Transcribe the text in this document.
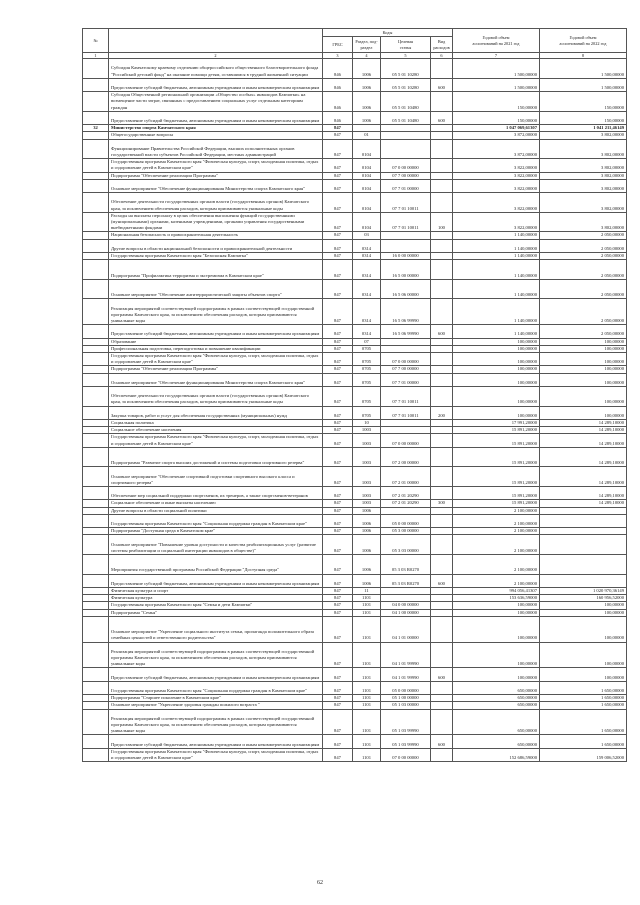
№		Коды				Годовой объем
ассигнований на 2021 год	Годовой объем
ассигнований на 2022 год
		ГРБС	Раздел, под-
раздел	Целевая
статья	Вид
расходов		
1	2	3	4	5	6	7	8
	Субсидия Камчатскому краевому отделению общероссийского общественного благотворительного фонда "Российский детский фонд" на оказание помощи детям, оставшимся в трудной жизненной ситуации	846	1006	05 5 01 10280		1 500,00000	1 500,00000
	Предоставление субсидий бюджетным, автономным учреждениям и иным некоммерческим организациям	846	1006	05 5 01 10280	600	1 500,00000	1 500,00000
	Субсидия Общественной региональной организации «Общество особых» инвалидов Камчатки» на возмещение части затрат, связанных с предоставлением социальных услуг отдельным категориям граждан	846	1006	05 5 01 10480		150,00000	150,00000
	Предоставление субсидий бюджетным, автономным учреждениям и иным некоммерческим организациям	846	1006	05 5 01 10480	600	150,00000	150,00000
32	Министерство спорта Камчатского края	847				1 047 069,61307	1 041 211,46149
	Общегосударственные вопросы	847	01			3 872,00000	3 802,00000
	Функционирование Правительства Российской Федерации, высших исполнительных органов государственной власти субъектов Российской Федерации, местных администраций	847	0104			3 872,00000	3 802,00000
	Государственная программа Камчатского края "Физическая культура, спорт, молодежная политика, отдых и оздоровление детей в Камчатском крае"	847	0104	07 0 00 00000		3 822,00000	3 802,00000
	Подпрограмма "Обеспечение реализации Программы"	847	0104	07 7 00 00000		3 822,00000	3 802,00000
	Основное мероприятие "Обеспечение функционирования Министерства спорта Камчатского края"	847	0104	07 7 01 00000		3 822,00000	3 802,00000
	Обеспечение деятельности государственных органов власти (государственных органов) Камчатского края, за исключением обеспечения расходов, которым присваиваются уникальные коды	847	0104	07 7 01 10011		3 822,00000	3 802,00000
	Расходы на выплаты персоналу в целях обеспечения выполнения функций государственными (муниципальными) органами, казенными учреждениями, органами управления государственными внебюджетными фондами	847	0104	07 7 01 10011	100	3 822,00000	3 802,00000
	Национальная безопасность и правоохранительная деятельность	847	03			1 140,00000	2 050,00000
	Другие вопросы в области национальной безопасности и правоохранительной деятельности	847	0314			1 140,00000	2 050,00000
	Государственная программа Камчатского края "Безопасная Камчатка"	847	0314	16 0 00 00000		1 140,00000	2 050,00000
	Подпрограмма "Профилактика терроризма и экстремизма в Камчатском крае"	847	0314	16 5 00 00000		1 140,00000	2 050,00000
	Основное мероприятие "Обеспечение антитеррористической защиты объектов спорта"	847	0314	16 5 06 00000		1 140,00000	2 050,00000
	Реализация мероприятий соответствующей подпрограммы в рамках соответствующей государственной программы Камчатского края, за исключением обеспечения расходов, которым присваиваются уникальные коды	847	0314	16 5 06 99990		1 140,00000	2 050,00000
	Предоставление субсидий бюджетным, автономным учреждениям и иным некоммерческим организациям	847	0314	16 5 06 99990	600	1 140,00000	2 050,00000
	Образование	847	07			100,00000	100,00000
	Профессиональная подготовка, переподготовка и повышение квалификации	847	0705			100,00000	100,00000
	Государственная программа Камчатского края "Физическая культура, спорт, молодежная политика, отдых и оздоровление детей в Камчатском крае"	847	0705	07 0 00 00000		100,00000	100,00000
	Подпрограмма "Обеспечение реализации Программы"	847	0705	07 7 00 00000		100,00000	100,00000
	Основное мероприятие "Обеспечение функционирования Министерства спорта Камчатского края"	847	0705	07 7 01 00000		100,00000	100,00000
	Обеспечение деятельности государственных органов власти (государственных органов) Камчатского края, за исключением обеспечения расходов, которым присваиваются уникальные коды	847	0705	07 7 01 10011		100,00000	100,00000
	Закупка товаров, работ и услуг для обеспечения государственных (муниципальных) нужд	847	0705	07 7 01 10011	200	100,00000	100,00000
	Социальная политика	847	10			17 991,20000	14 289,10000
	Социальное обеспечение населения	847	1003			15 891,20000	14 289,10000
	Государственная программа Камчатского края "Физическая культура, спорт, молодежная политика, отдых и оздоровление детей в Камчатском крае"	847	1003	07 0 00 00000		15 891,20000	14 289,10000
	Подпрограмма "Развитие спорта высших достижений и системы подготовки спортивного резерва"	847	1003	07 2 00 00000		15 891,20000	14 289,10000
	Основное мероприятие "Обеспечение спортивной подготовки спортивного высокого класса и спортивного резерва"	847	1003	07 2 01 00000		15 891,20000	14 289,10000
	Обеспечение мер социальной поддержки спортсменов, их тренеров, а также спортсменов-ветеранов	847	1003	07 2 01 20290		15 891,20000	14 289,10000
	Социальное обеспечение и иные выплаты населению	847	1003	07 2 01 20290	300	15 891,20000	14 289,10000
	Другие вопросы в области социальной политики	847	1006			2 100,00000	
	Государственная программа Камчатского края "Социальная поддержка граждан в Камчатском крае"	847	1006	05 0 00 00000		2 100,00000	
	Подпрограмма "Доступная среда в Камчатском крае"	847	1006	05 3 00 00000		2 100,00000	
	Основное мероприятие "Повышение уровня доступности и качества реабилитационных услуг (развитие системы реабилитации и социальной интеграции инвалидов в обществе)"	847	1006	05 3 03 00000		2 100,00000	
	Мероприятия государственной программы Российской Федерации "Доступная среда"	847	1006	05 3 03 R0270		2 100,00000	
	Предоставление субсидий бюджетным, автономным учреждениям и иным некоммерческим организациям	847	1006	05 3 03 R0270	600	2 100,00000	
	Физическая культура и спорт	847	11			994 056,41307	1 020 970,36149
	Физическая культура	847	1101			153 636,59000	160 956,52000
	Государственная программа Камчатского края "Семья и дети Камчатки"	847	1101	04 0 00 00000		100,00000	100,00000
	Подпрограмма "Семья"	847	1101	04 1 00 00000		100,00000	100,00000
	Основное мероприятие "Укрепление социального института семьи, пропаганда положительного образа семейных ценностей и ответственного родительства"	847	1101	04 1 01 00000		100,00000	100,00000
	Реализация мероприятий соответствующей подпрограммы в рамках соответствующей государственной программы Камчатского края, за исключением обеспечения расходов, которым присваиваются уникальные коды	847	1101	04 1 01 99990		100,00000	100,00000
	Предоставление субсидий бюджетным, автономным учреждениям и иным некоммерческим организациям	847	1101	04 1 01 99990	600	100,00000	100,00000
	Государственная программа Камчатского края "Социальная поддержка граждан в Камчатском крае"	847	1101	05 0 00 00000		650,00000	1 650,00000
	Подпрограмма "Старшее поколение в Камчатском крае"	847	1101	05 1 00 00000		650,00000	1 650,00000
	Основное мероприятие "Укрепление здоровья граждан пожилого возраста "	847	1101	05 1 03 00000		650,00000	1 650,00000
	Реализация мероприятий соответствующей подпрограммы в рамках соответствующей государственной программы Камчатского края, за исключением обеспечения расходов, которым присваиваются уникальные коды	847	1101	05 1 03 99990		650,00000	1 650,00000
	Предоставление субсидий бюджетным, автономным учреждениям и иным некоммерческим организациям	847	1101	05 1 03 99990	600	650,00000	1 650,00000
	Государственная программа Камчатского края "Физическая культура, спорт, молодежная политика, отдых и оздоровление детей в Камчатском крае"	847	1101	07 0 00 00000		152 686,59000	159 006,52000
62
